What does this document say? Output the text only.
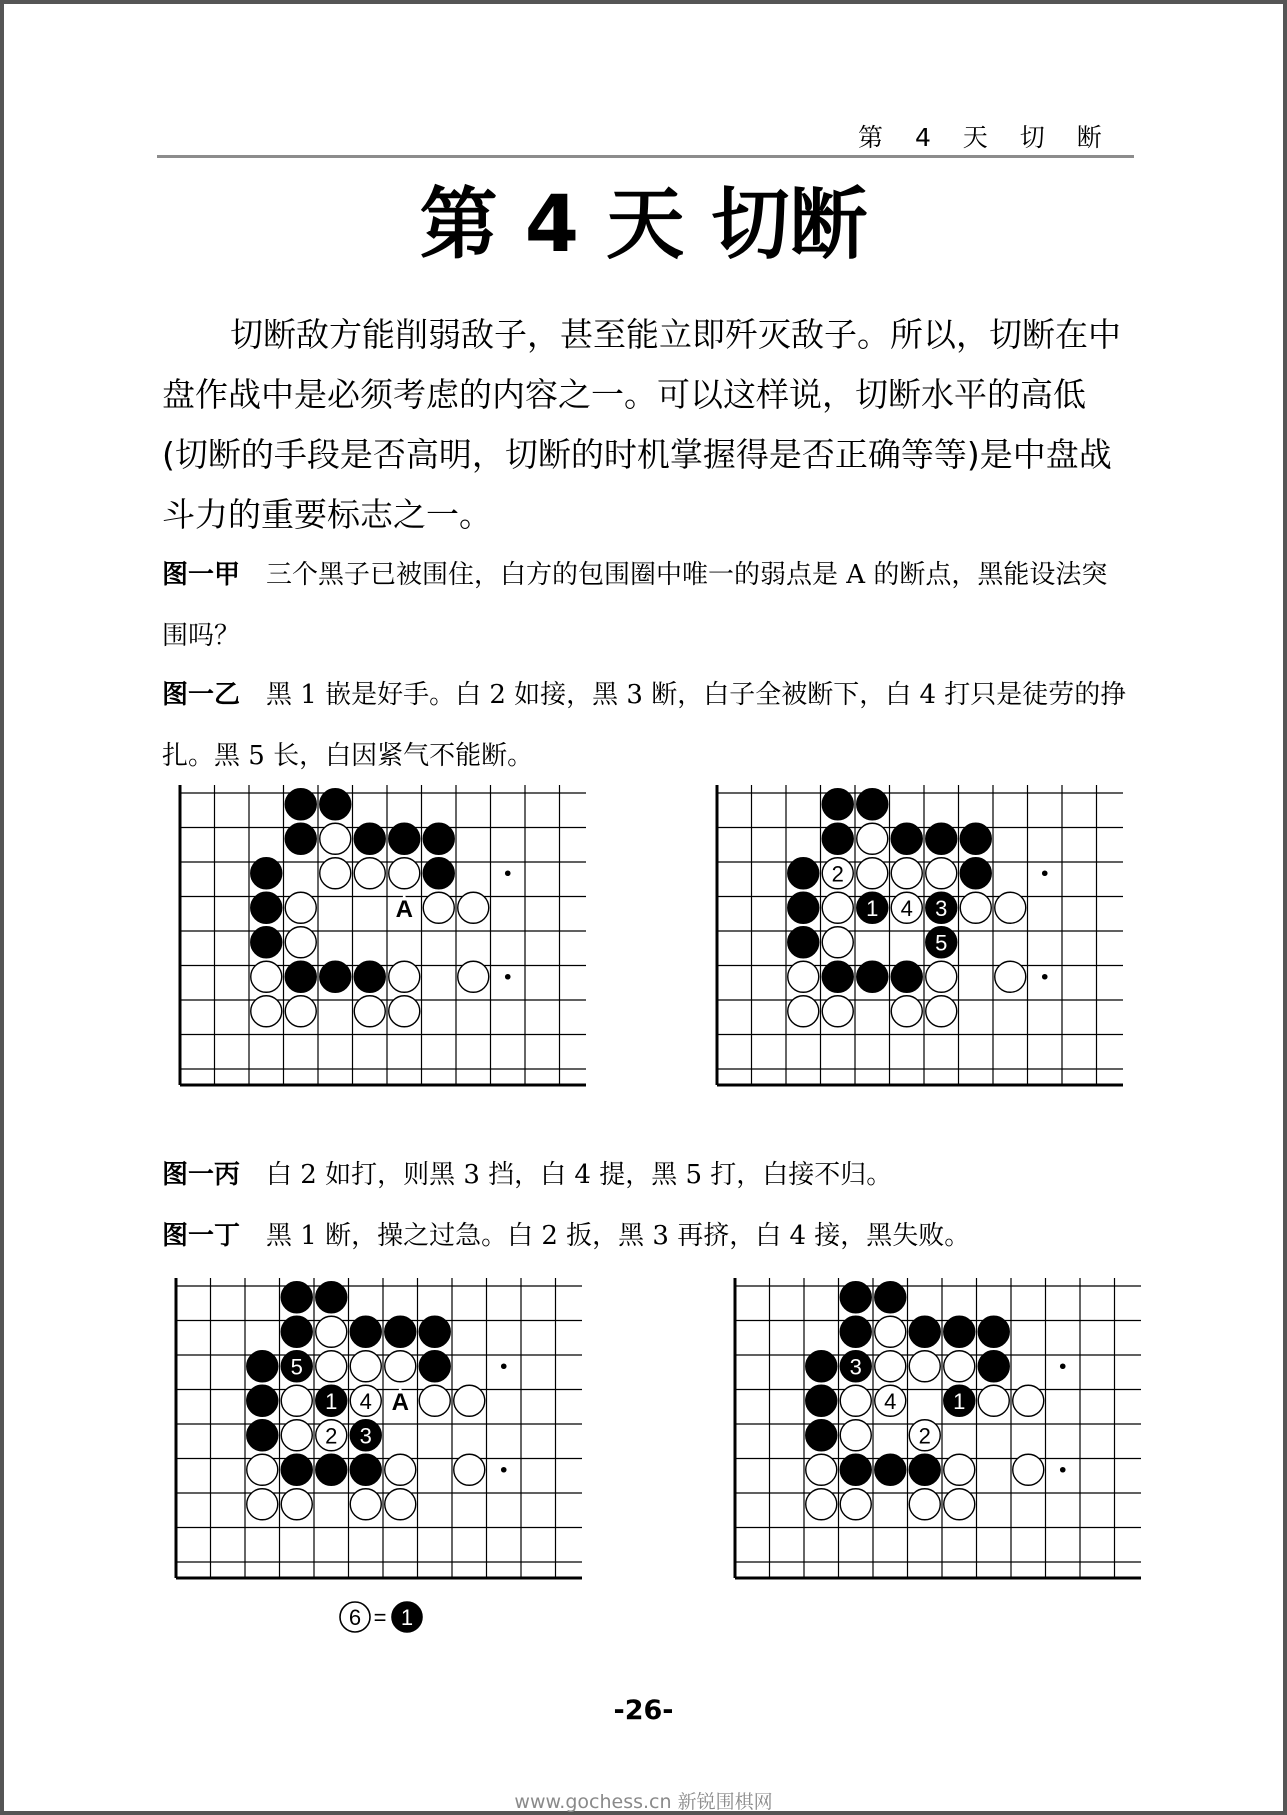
第 4 天 切 断
第 4 天 切断

切断敌方能削弱敌子，甚至能立即歼灭敌子。所以，切断在中盘作战中是必须考虑的内容之一。可以这样说，切断水平的高低(切断的手段是否高明，切断的时机掌握得是否正确等等)是中盘战斗力的重要标志之一。

图一甲 三个黑子已被围住，白方的包围圈中唯一的弱点是 A 的断点，黑能设法突围吗？

图一乙 黑 1 嵌是好手。白 2 如接，黑 3 断，白子全被断下，白 4 打只是徒劳的挣扎。黑 5 长，白因紧气不能断。

A	1
2
3
4
5

图一丙 白 2 如打，则黑 3 挡，白 4 提，黑 5 打，白接不归。

图一丁 黑 1 断，操之过急。白 2 扳，黑 3 再挤，白 4 接，黑失败。

1
2 3
4
5
A	1
2
3
4
6 = 1
-26-
www.gochess.cn 新锐围棋网
